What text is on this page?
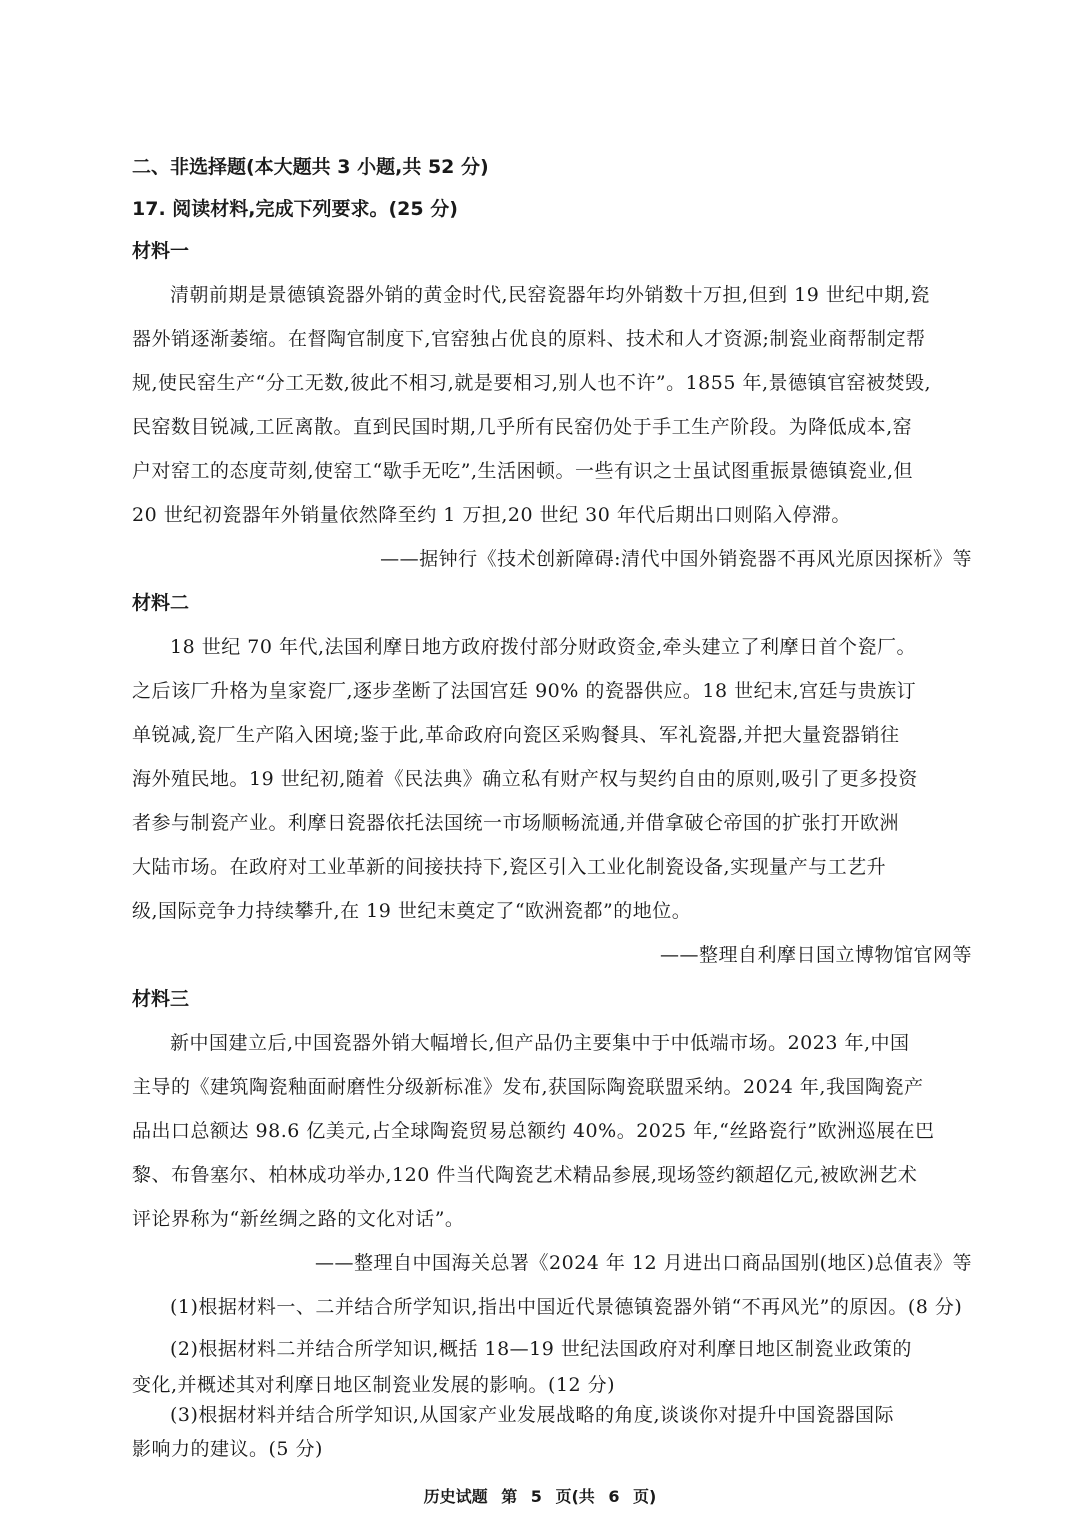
二、非选择题(本大题共 3 小题,共 52 分)
17. 阅读材料,完成下列要求。(25 分)
材料一
清朝前期是景德镇瓷器外销的黄金时代,民窑瓷器年均外销数十万担,但到 19 世纪中期,瓷
器外销逐渐萎缩。在督陶官制度下,官窑独占优良的原料、技术和人才资源;制瓷业商帮制定帮
规,使民窑生产“分工无数,彼此不相习,就是要相习,别人也不许”。1855 年,景德镇官窑被焚毁,
民窑数目锐减,工匠离散。直到民国时期,几乎所有民窑仍处于手工生产阶段。为降低成本,窑
户对窑工的态度苛刻,使窑工“歇手无吃”,生活困顿。一些有识之士虽试图重振景德镇瓷业,但
20 世纪初瓷器年外销量依然降至约 1 万担,20 世纪 30 年代后期出口则陷入停滞。
——据钟行《技术创新障碍:清代中国外销瓷器不再风光原因探析》等
材料二
18 世纪 70 年代,法国利摩日地方政府拨付部分财政资金,牵头建立了利摩日首个瓷厂。
之后该厂升格为皇家瓷厂,逐步垄断了法国宫廷 90% 的瓷器供应。18 世纪末,宫廷与贵族订
单锐减,瓷厂生产陷入困境;鉴于此,革命政府向瓷区采购餐具、军礼瓷器,并把大量瓷器销往
海外殖民地。19 世纪初,随着《民法典》确立私有财产权与契约自由的原则,吸引了更多投资
者参与制瓷产业。利摩日瓷器依托法国统一市场顺畅流通,并借拿破仑帝国的扩张打开欧洲
大陆市场。在政府对工业革新的间接扶持下,瓷区引入工业化制瓷设备,实现量产与工艺升
级,国际竞争力持续攀升,在 19 世纪末奠定了“欧洲瓷都”的地位。
——整理自利摩日国立博物馆官网等
材料三
新中国建立后,中国瓷器外销大幅增长,但产品仍主要集中于中低端市场。2023 年,中国
主导的《建筑陶瓷釉面耐磨性分级新标准》发布,获国际陶瓷联盟采纳。2024 年,我国陶瓷产
品出口总额达 98.6 亿美元,占全球陶瓷贸易总额约 40%。2025 年,“丝路瓷行”欧洲巡展在巴
黎、布鲁塞尔、柏林成功举办,120 件当代陶瓷艺术精品参展,现场签约额超亿元,被欧洲艺术
评论界称为“新丝绸之路的文化对话”。
——整理自中国海关总署《2024 年 12 月进出口商品国别(地区)总值表》等
(1)根据材料一、二并结合所学知识,指出中国近代景德镇瓷器外销“不再风光”的原因。(8 分)
(2)根据材料二并结合所学知识,概括 18—19 世纪法国政府对利摩日地区制瓷业政策的
变化,并概述其对利摩日地区制瓷业发展的影响。(12 分)
(3)根据材料并结合所学知识,从国家产业发展战略的角度,谈谈你对提升中国瓷器国际
影响力的建议。(5 分)
历史试题 第 5 页(共 6 页)
